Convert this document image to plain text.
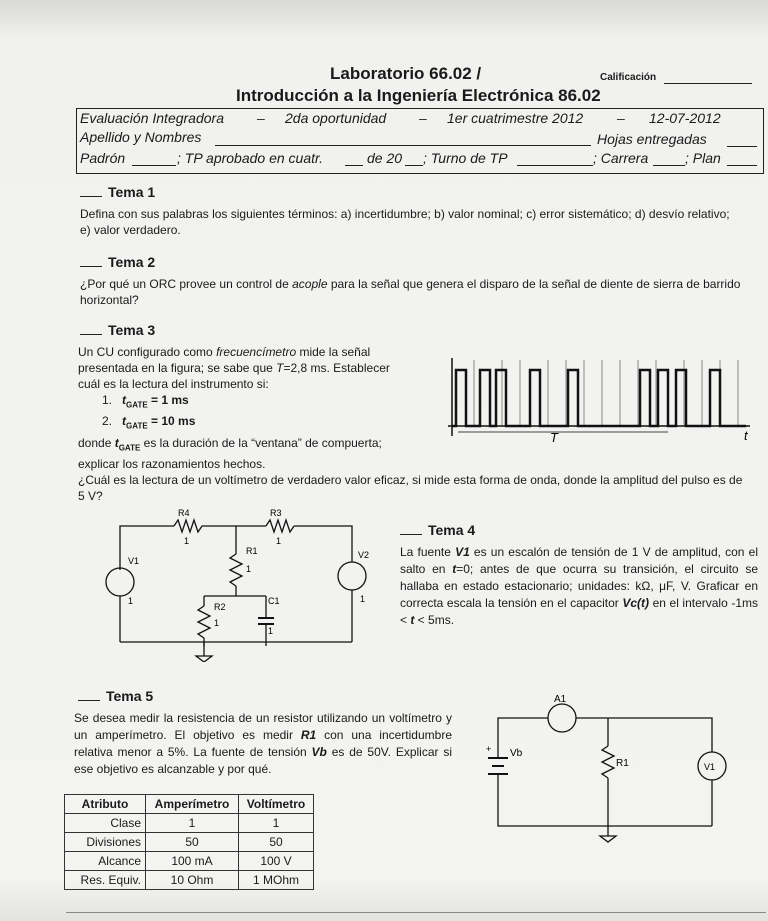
Laboratorio 66.02 /	Calificación
Introducción a la Ingeniería Electrónica 86.02
Evaluación Integradora – 2da oportunidad – 1er cuatrimestre 2012 – 12-07-2012
Apellido y Nombres	Hojas entregadas
Padrón	; TP aprobado en cuatr.	de 20 ; Turno de TP	; Carrera	; Plan
Tema 1
Defina con sus palabras los siguientes términos: a) incertidumbre; b) valor nominal; c) error sistemático; d) desvío relativo; e) valor verdadero.
Tema 2
¿Por qué un ORC provee un control de acople para la señal que genera el disparo de la señal de diente de sierra de barrido horizontal?
Tema 3
Un CU configurado como frecuencímetro mide la señal
presentada en la figura; se sabe que T=2,8 ms. Establecer
cuál es la lectura del instrumento si:
1. $t_{GATE} = 1$ ms
2. $t_{GATE} = 10$ ms
donde $t_{GATE}$ es la duración de la “ventana” de compuerta;
explicar los razonamientos hechos.
¿Cuál es la lectura de un voltímetro de verdadero valor eficaz, si mide esta forma de onda, donde la amplitud del pulso es de 5 V?
T	t
R4
1
R3
1
R1
1
R2
1
C1
1
V1
1
V2
1
Tema 4
La fuente V1 es un escalón de tensión de 1 V de amplitud, con el salto en t=0; antes de que ocurra su transición, el circuito se hallaba en estado estacionario; unidades: kΩ, μF, V. Graficar en correcta escala la tensión en el capacitor Vc(t) en el intervalo -1ms < t < 5ms.
Tema 5
Se desea medir la resistencia de un resistor utilizando un voltímetro y un amperímetro. El objetivo es medir R1 con una incertidumbre relativa menor a 5%. La fuente de tensión Vb es de 50V. Explicar si ese objetivo es alcanzable y por qué.
Atributo	Amperímetro	Voltímetro
Clase	1	1
Divisiones	50	50
Alcance	100 mA	100 V
Res. Equiv.	10 Ohm	1 MOhm
A1
+ Vb
R1	V1
